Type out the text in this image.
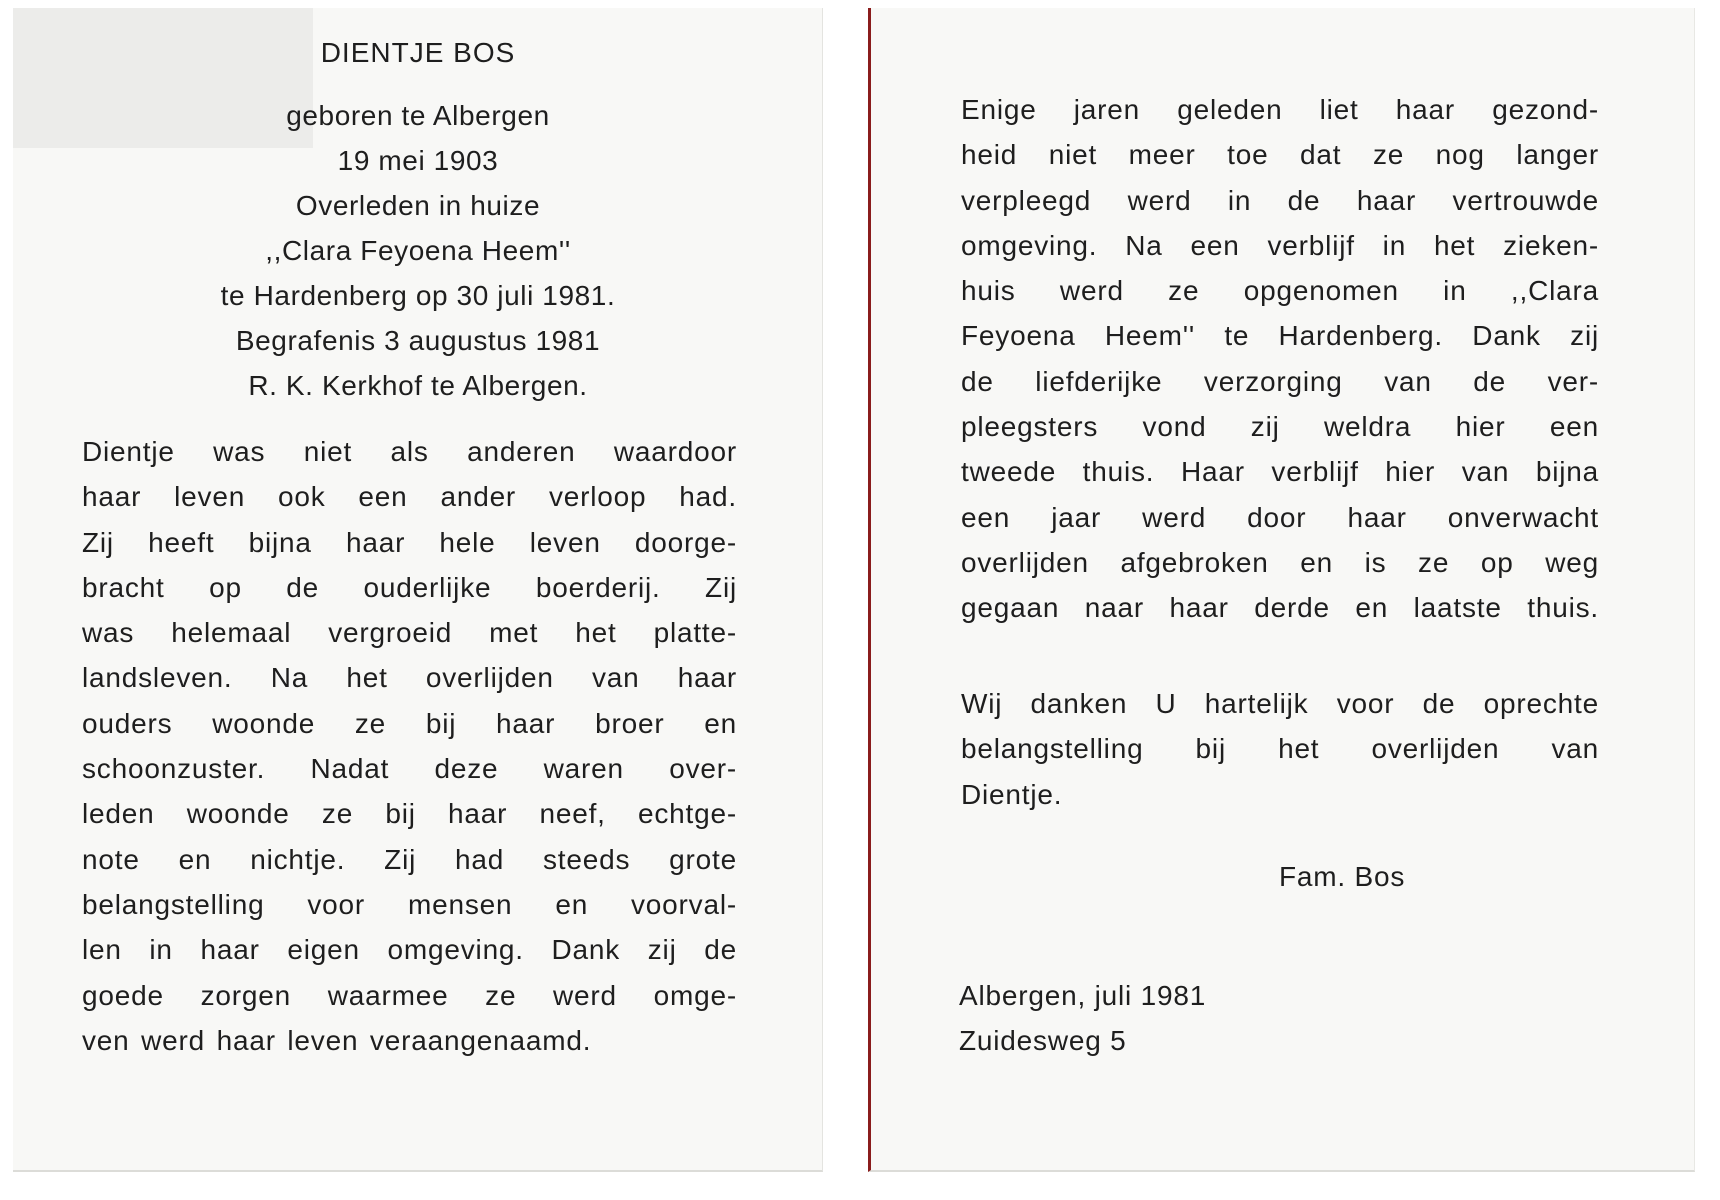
DIENTJE BOS
geboren te Albergen
19 mei 1903
Overleden in huize
,,Clara Feyoena Heem''
te Hardenberg op 30 juli 1981.
Begrafenis 3 augustus 1981
R. K. Kerkhof te Albergen.
Dientje was niet als anderen waardoor
haar leven ook een ander verloop had.
Zij heeft bijna haar hele leven doorge-
bracht op de ouderlijke boerderij. Zij
was helemaal vergroeid met het platte-
landsleven. Na het overlijden van haar
ouders woonde ze bij haar broer en
schoonzuster. Nadat deze waren over-
leden woonde ze bij haar neef, echtge-
note en nichtje. Zij had steeds grote
belangstelling voor mensen en voorval-
len in haar eigen omgeving. Dank zij de
goede zorgen waarmee ze werd omge-
ven werd haar leven veraangenaamd.
Enige jaren geleden liet haar gezond-
heid niet meer toe dat ze nog langer
verpleegd werd in de haar vertrouwde
omgeving. Na een verblijf in het zieken-
huis werd ze opgenomen in ,,Clara
Feyoena Heem'' te Hardenberg. Dank zij
de liefderijke verzorging van de ver-
pleegsters vond zij weldra hier een
tweede thuis. Haar verblijf hier van bijna
een jaar werd door haar onverwacht
overlijden afgebroken en is ze op weg
gegaan naar haar derde en laatste thuis.
Wij danken U hartelijk voor de oprechte
belangstelling bij het overlijden van
Dientje.
Fam. Bos
Albergen, juli 1981
Zuidesweg 5
